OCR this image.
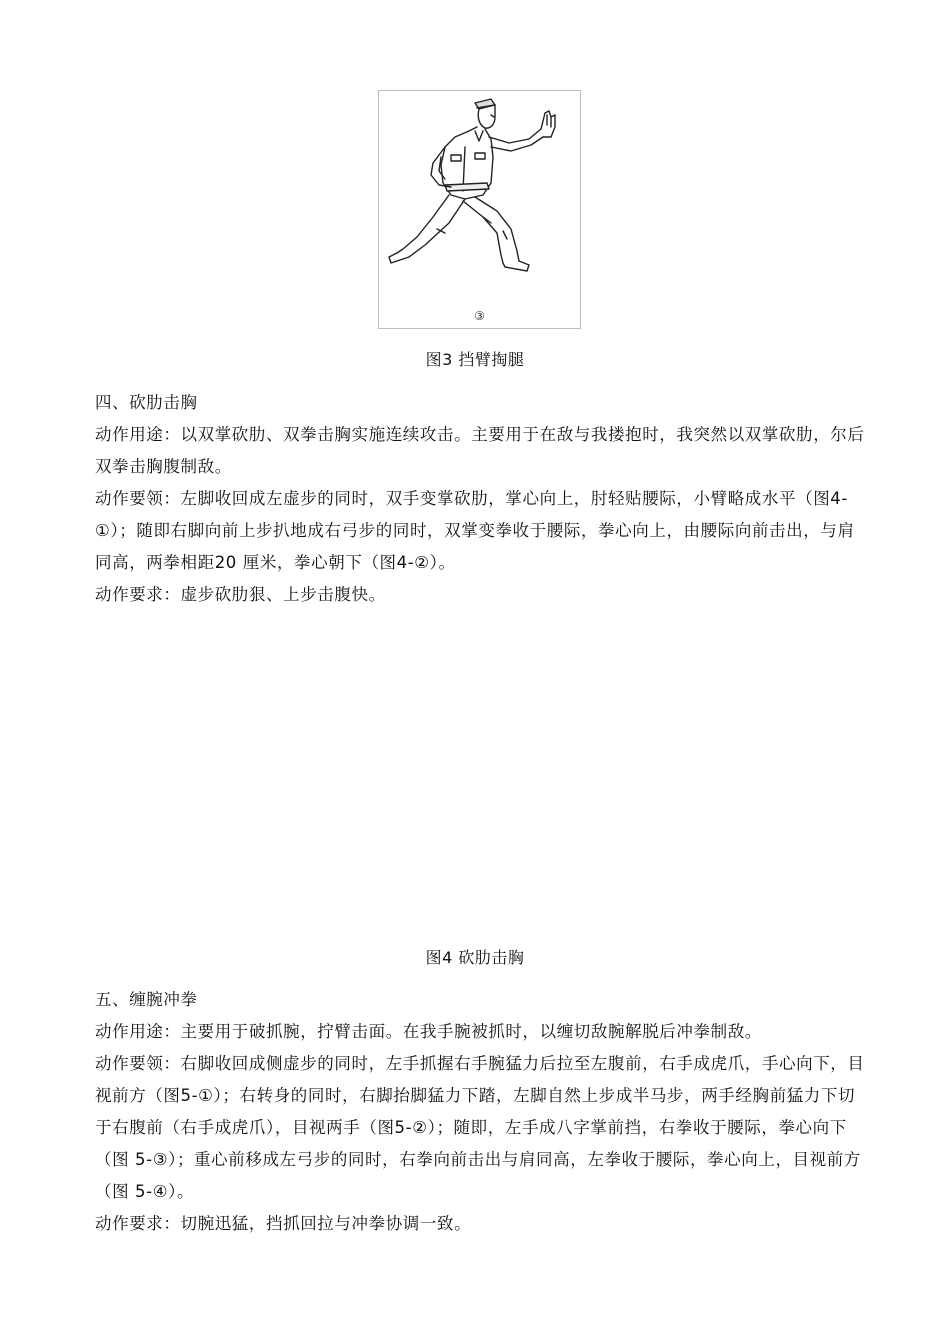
③
图3 挡臂掏腿

四、砍肋击胸

动作用途：以双掌砍肋、双拳击胸实施连续攻击。主要用于在敌与我搂抱时，我突然以双掌砍肋，尔后双拳击胸腹制敌。

动作要领：左脚收回成左虚步的同时，双手变掌砍肋，掌心向上，肘轻贴腰际，小臂略成水平（图4-①）；随即右脚向前上步扒地成右弓步的同时，双掌变拳收于腰际，拳心向上，由腰际向前击出，与肩同高，两拳相距20 厘米，拳心朝下（图4-②）。

动作要求：虚步砍肋狠、上步击腹快。

图4 砍肋击胸

五、缠腕冲拳

动作用途：主要用于破抓腕，拧臂击面。在我手腕被抓时，以缠切敌腕解脱后冲拳制敌。

动作要领：右脚收回成侧虚步的同时，左手抓握右手腕猛力后拉至左腹前，右手成虎爪，手心向下，目视前方（图5-①）；右转身的同时，右脚抬脚猛力下踏，左脚自然上步成半马步，两手经胸前猛力下切于右腹前（右手成虎爪），目视两手（图5-②）；随即，左手成八字掌前挡，右拳收于腰际，拳心向下（图 5-③）；重心前移成左弓步的同时，右拳向前击出与肩同高，左拳收于腰际，拳心向上，目视前方（图 5-④）。

动作要求：切腕迅猛，挡抓回拉与冲拳协调一致。
